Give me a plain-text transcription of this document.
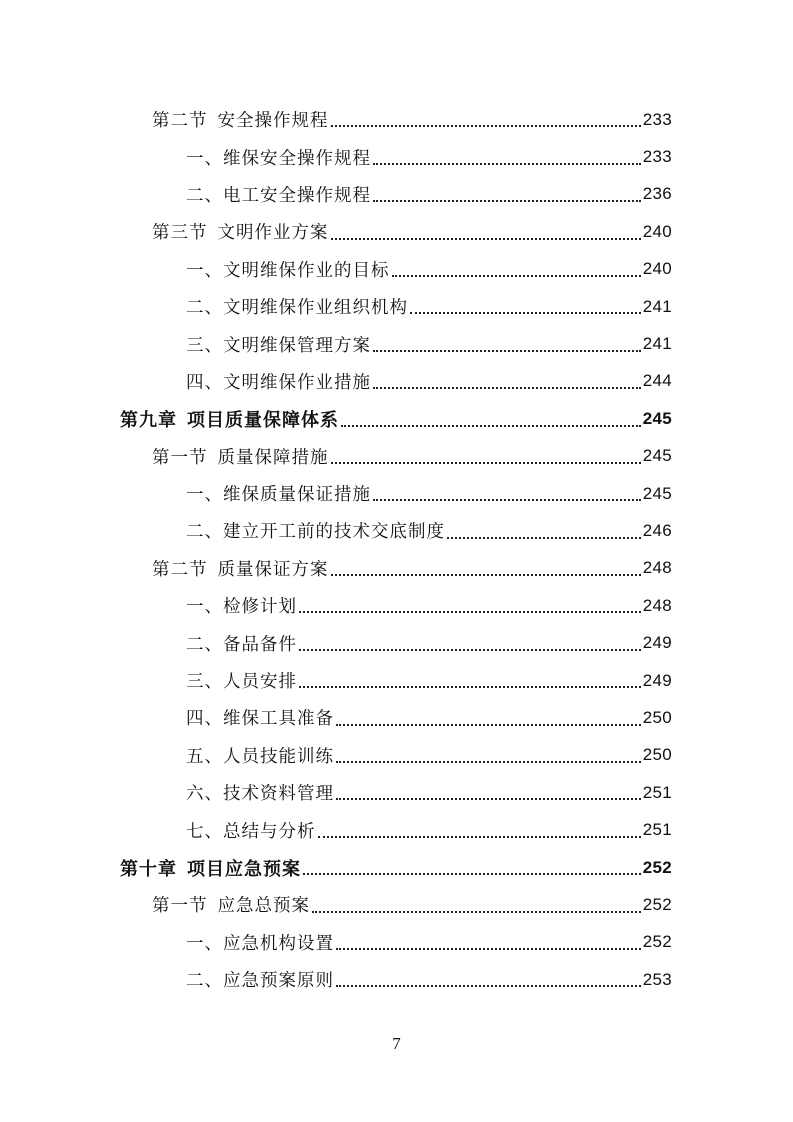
第二节 安全操作规程	233
一、维保安全操作规程	233
二、电工安全操作规程	236
第三节 文明作业方案	240
一、文明维保作业的目标	240
二、文明维保作业组织机构	241
三、文明维保管理方案	241
四、文明维保作业措施	244
第九章 项目质量保障体系	245
第一节 质量保障措施	245
一、维保质量保证措施	245
二、建立开工前的技术交底制度	246
第二节 质量保证方案	248
一、检修计划	248
二、备品备件	249
三、人员安排	249
四、维保工具准备	250
五、人员技能训练	250
六、技术资料管理	251
七、总结与分析	251
第十章 项目应急预案	252
第一节 应急总预案	252
一、应急机构设置	252
二、应急预案原则	253
7
